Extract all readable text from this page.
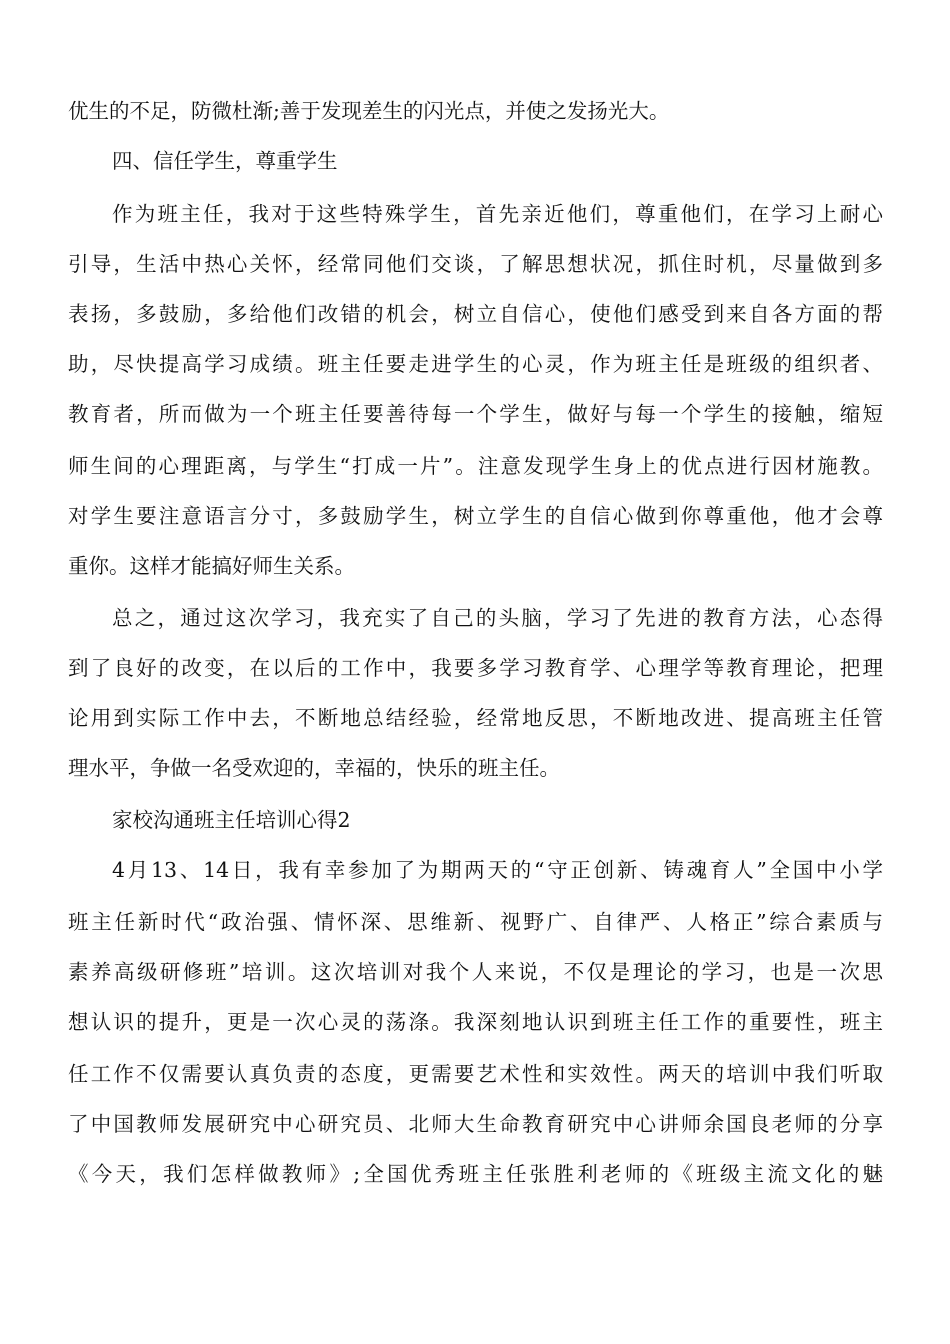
优生的不足，防微杜渐;善于发现差生的闪光点，并使之发扬光大。
四、信任学生，尊重学生
作为班主任，我对于这些特殊学生，首先亲近他们，尊重他们，在学习上耐心
引导，生活中热心关怀，经常同他们交谈，了解思想状况，抓住时机，尽量做到多
表扬，多鼓励，多给他们改错的机会，树立自信心，使他们感受到来自各方面的帮
助，尽快提高学习成绩。班主任要走进学生的心灵，作为班主任是班级的组织者、
教育者，所而做为一个班主任要善待每一个学生，做好与每一个学生的接触，缩短
师生间的心理距离，与学生“打成一片”。注意发现学生身上的优点进行因材施教。
对学生要注意语言分寸，多鼓励学生，树立学生的自信心做到你尊重他，他才会尊
重你。这样才能搞好师生关系。
总之，通过这次学习，我充实了自己的头脑，学习了先进的教育方法，心态得
到了良好的改变，在以后的工作中，我要多学习教育学、心理学等教育理论，把理
论用到实际工作中去，不断地总结经验，经常地反思，不断地改进、提高班主任管
理水平，争做一名受欢迎的，幸福的，快乐的班主任。
家校沟通班主任培训心得2
4月13、14日，我有幸参加了为期两天的“守正创新、铸魂育人”全国中小学
班主任新时代“政治强、情怀深、思维新、视野广、自律严、人格正”综合素质与
素养高级研修班”培训。这次培训对我个人来说，不仅是理论的学习，也是一次思
想认识的提升，更是一次心灵的荡涤。我深刻地认识到班主任工作的重要性，班主
任工作不仅需要认真负责的态度，更需要艺术性和实效性。两天的培训中我们听取
了中国教师发展研究中心研究员、北师大生命教育研究中心讲师余国良老师的分享
《今天，我们怎样做教师》;全国优秀班主任张胜利老师的《班级主流文化的魅
